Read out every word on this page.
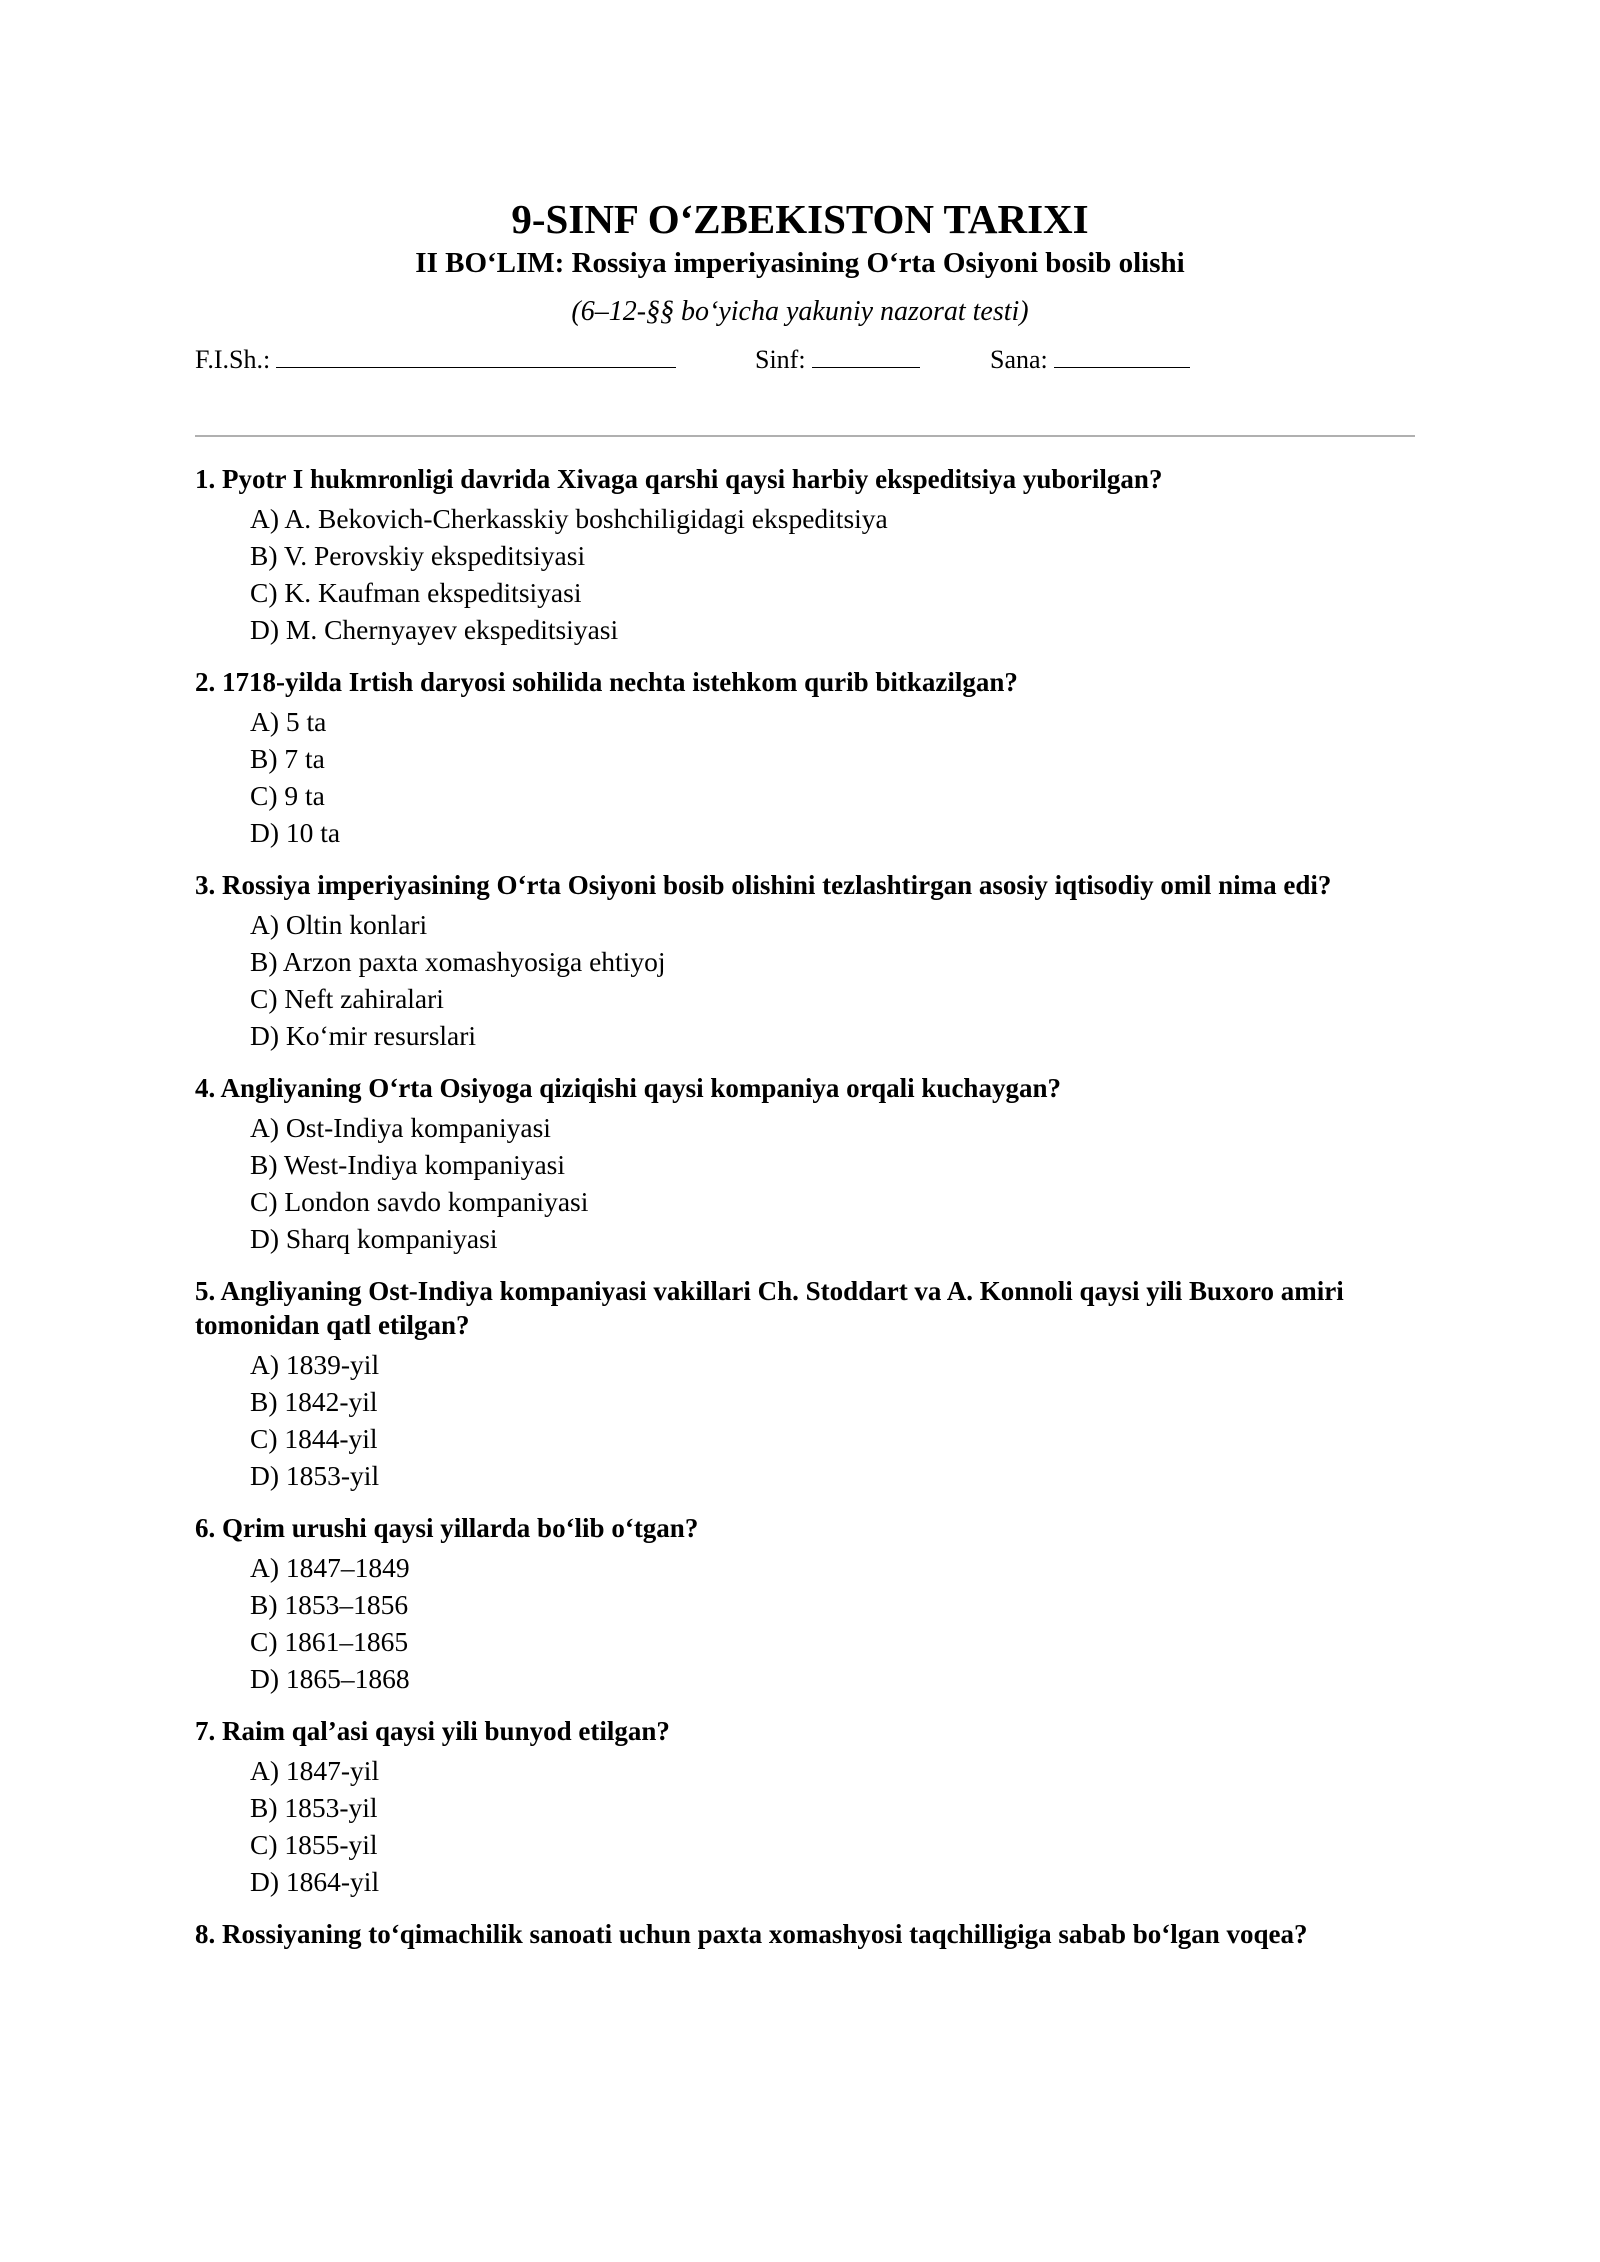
9-SINF O‘ZBEKISTON TARIXI
II BO‘LIM: Rossiya imperiyasining O‘rta Osiyoni bosib olishi

(6–12-§§ bo‘yicha yakuniy nazorat testi)

F.I.Sh.:	Sinf:	Sana:

1. Pyotr I hukmronligi davrida Xivaga qarshi qaysi harbiy ekspeditsiya yuborilgan?

A) A. Bekovich-Cherkasskiy boshchiligidagi ekspeditsiya
B) V. Perovskiy ekspeditsiyasi
C) K. Kaufman ekspeditsiyasi
D) M. Chernyayev ekspeditsiyasi

2. 1718-yilda Irtish daryosi sohilida nechta istehkom qurib bitkazilgan?

A) 5 ta
B) 7 ta
C) 9 ta
D) 10 ta

3. Rossiya imperiyasining O‘rta Osiyoni bosib olishini tezlashtirgan asosiy iqtisodiy omil nima edi?

A) Oltin konlari
B) Arzon paxta xomashyosiga ehtiyoj
C) Neft zahiralari
D) Ko‘mir resurslari

4. Angliyaning O‘rta Osiyoga qiziqishi qaysi kompaniya orqali kuchaygan?

A) Ost-Indiya kompaniyasi
B) West-Indiya kompaniyasi
C) London savdo kompaniyasi
D) Sharq kompaniyasi

5. Angliyaning Ost-Indiya kompaniyasi vakillari Ch. Stoddart va A. Konnoli qaysi yili Buxoro amiri tomonidan qatl etilgan?

A) 1839-yil
B) 1842-yil
C) 1844-yil
D) 1853-yil

6. Qrim urushi qaysi yillarda bo‘lib o‘tgan?

A) 1847–1849
B) 1853–1856
C) 1861–1865
D) 1865–1868

7. Raim qal’asi qaysi yili bunyod etilgan?

A) 1847-yil
B) 1853-yil
C) 1855-yil
D) 1864-yil

8. Rossiyaning to‘qimachilik sanoati uchun paxta xomashyosi taqchilligiga sabab bo‘lgan voqea?
